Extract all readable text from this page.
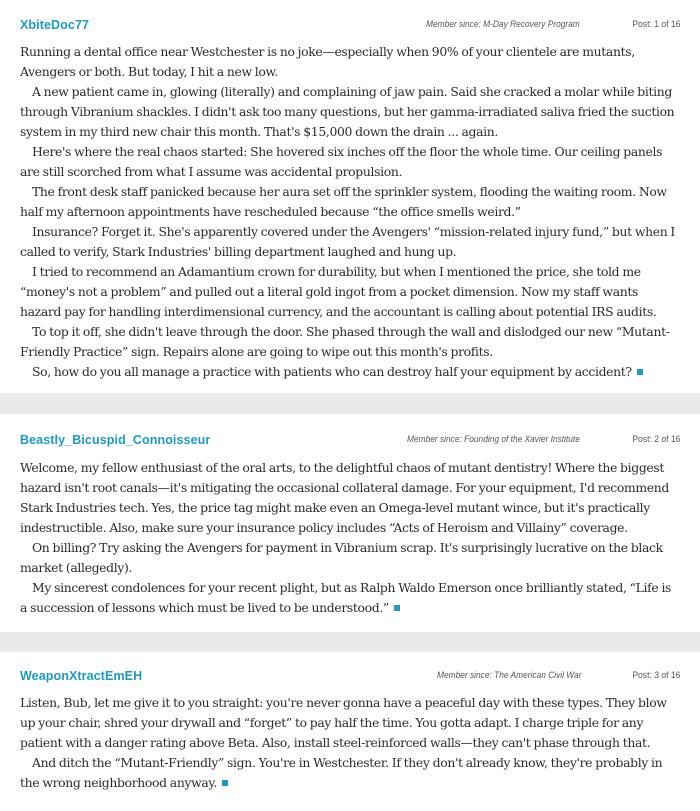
XbiteDoc77	Member since: M-Day Recovery Program	Post: 1 of 16

Running a dental office near Westchester is no joke—especially when 90% of your clientele are mutants, Avengers or both. But today, I hit a new low.

A new patient came in, glowing (literally) and complaining of jaw pain. Said she cracked a molar while biting through Vibranium shackles. I didn't ask too many questions, but her gamma-irradiated saliva fried the suction system in my third new chair this month. That's $15,000 down the drain ... again.

Here's where the real chaos started: She hovered six inches off the floor the whole time. Our ceiling panels are still scorched from what I assume was accidental propulsion.

The front desk staff panicked because her aura set off the sprinkler system, flooding the waiting room. Now half my afternoon appointments have rescheduled because “the office smells weird.”

Insurance? Forget it. She's apparently covered under the Avengers' “mission-related injury fund,” but when I called to verify, Stark Industries' billing department laughed and hung up.

I tried to recommend an Adamantium crown for durability, but when I mentioned the price, she told me “money's not a problem” and pulled out a literal gold ingot from a pocket dimension. Now my staff wants hazard pay for handling interdimensional currency, and the accountant is calling about potential IRS audits.

To top it off, she didn't leave through the door. She phased through the wall and dislodged our new “Mutant-Friendly Practice” sign. Repairs alone are going to wipe out this month's profits.

So, how do you all manage a practice with patients who can destroy half your equipment by accident?

Beastly_Bicuspid_Connoisseur	Member since: Founding of the Xavier Institute	Post: 2 of 16

Welcome, my fellow enthusiast of the oral arts, to the delightful chaos of mutant dentistry! Where the biggest hazard isn't root canals—it's mitigating the occasional collateral damage. For your equipment, I'd recommend Stark Industries tech. Yes, the price tag might make even an Omega-level mutant wince, but it's practically indestructible. Also, make sure your insurance policy includes “Acts of Heroism and Villainy” coverage.

On billing? Try asking the Avengers for payment in Vibranium scrap. It's surprisingly lucrative on the black market (allegedly).

My sincerest condolences for your recent plight, but as Ralph Waldo Emerson once brilliantly stated, “Life is a succession of lessons which must be lived to be understood.”

WeaponXtractEmEH	Member since: The American Civil War	Post: 3 of 16

Listen, Bub, let me give it to you straight: you're never gonna have a peaceful day with these types. They blow up your chair, shred your drywall and “forget” to pay half the time. You gotta adapt. I charge triple for any patient with a danger rating above Beta. Also, install steel-reinforced walls—they can't phase through that.

And ditch the “Mutant-Friendly” sign. You're in Westchester. If they don't already know, they're probably in the wrong neighborhood anyway.
